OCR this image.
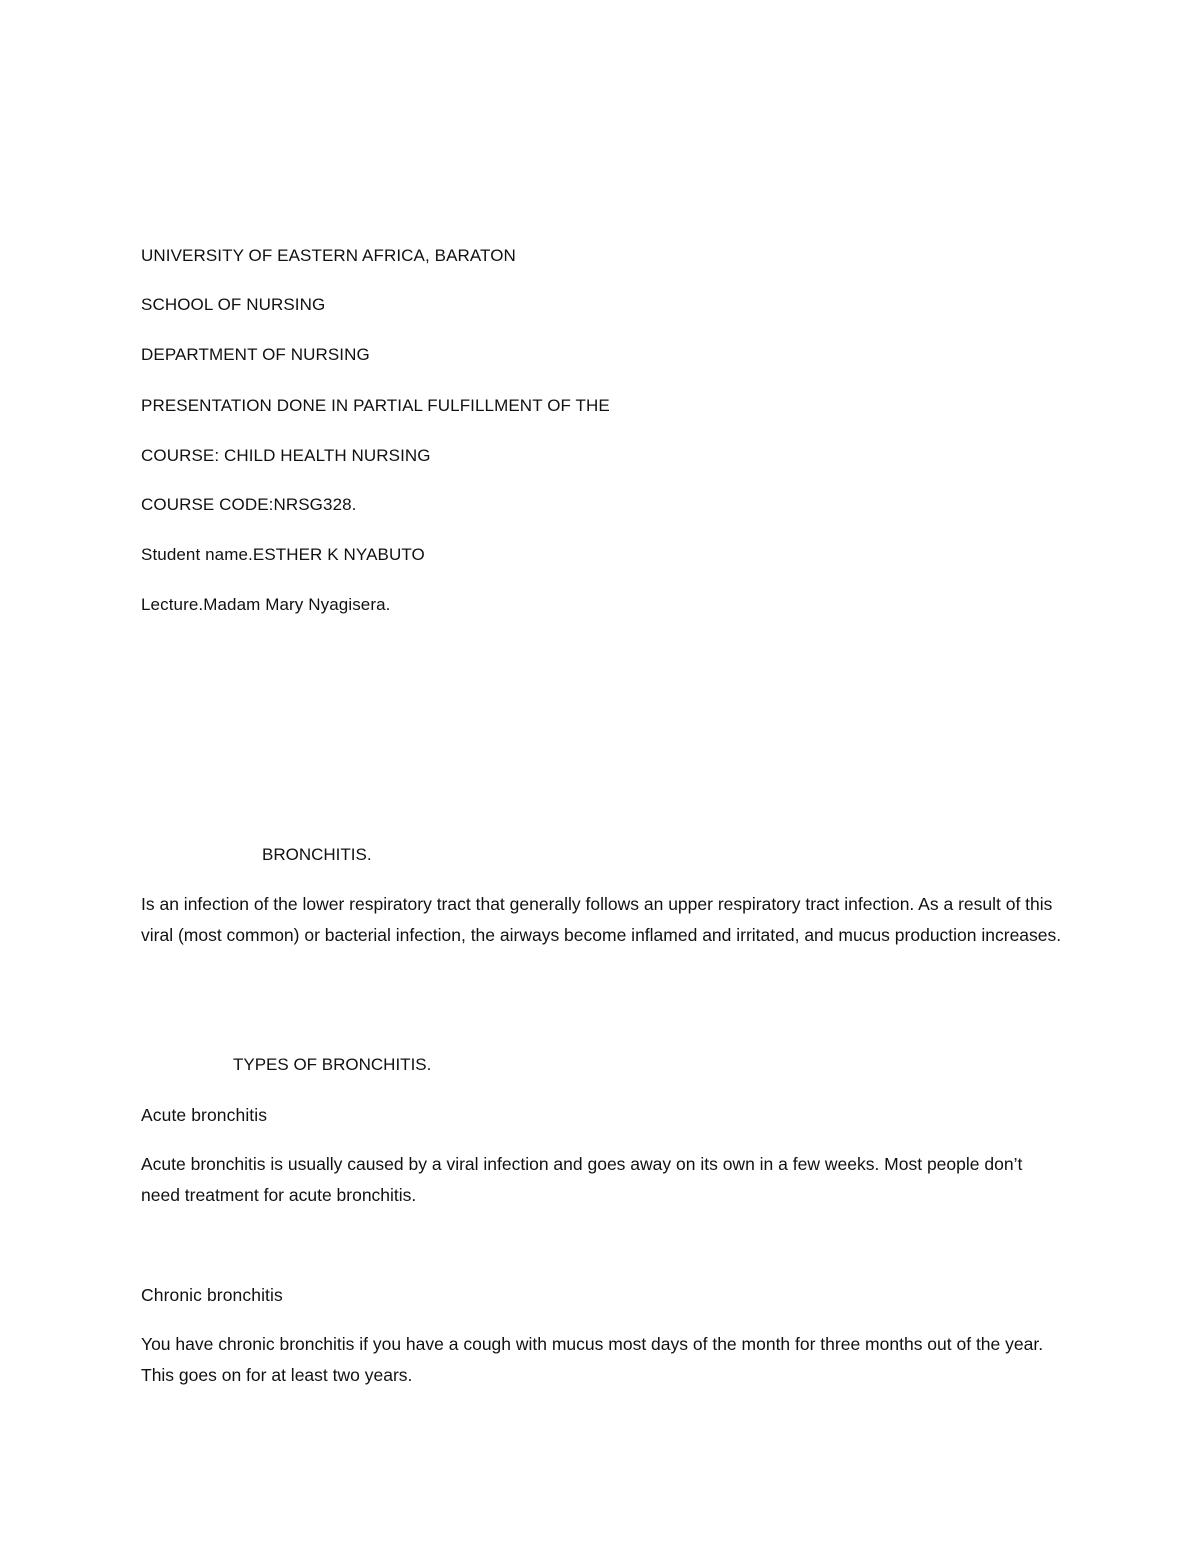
UNIVERSITY OF EASTERN AFRICA, BARATON
SCHOOL OF NURSING
DEPARTMENT OF NURSING
PRESENTATION DONE IN PARTIAL FULFILLMENT OF THE
COURSE: CHILD HEALTH NURSING
COURSE CODE:NRSG328.
Student name.ESTHER K NYABUTO
Lecture.Madam Mary Nyagisera.
BRONCHITIS.
Is an infection of the lower respiratory tract that generally follows an upper respiratory tract infection. As a result of this viral (most common) or bacterial infection, the airways become inflamed and irritated, and mucus production increases.
TYPES OF BRONCHITIS.
Acute bronchitis
Acute bronchitis is usually caused by a viral infection and goes away on its own in a few weeks. Most people don’t need treatment for acute bronchitis.
Chronic bronchitis
You have chronic bronchitis if you have a cough with mucus most days of the month for three months out of the year. This goes on for at least two years.
